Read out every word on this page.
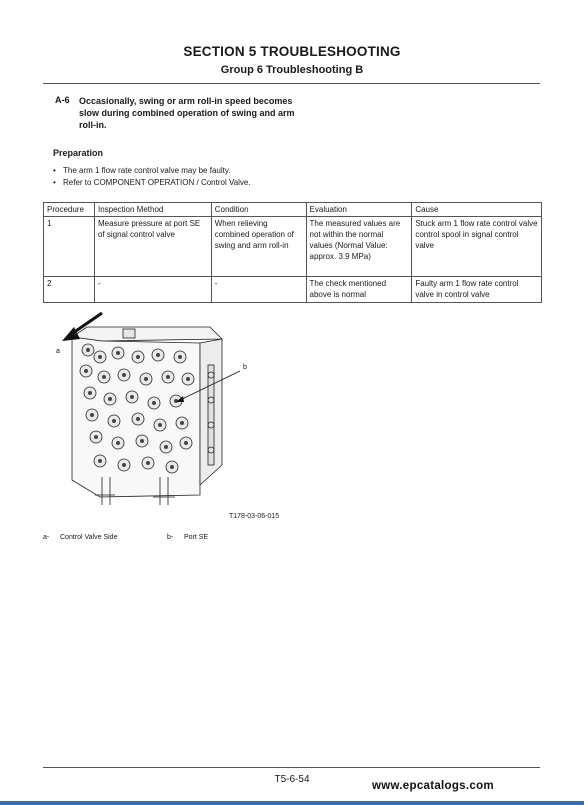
SECTION 5 TROUBLESHOOTING
Group 6 Troubleshooting B
A-6 Occasionally, swing or arm roll-in speed becomes slow during combined operation of swing and arm roll-in.
Preparation
• The arm 1 flow rate control valve may be faulty.
• Refer to COMPONENT OPERATION / Control Valve.
Procedure	Inspection Method	Condition	Evaluation	Cause
1	Measure pressure at port SE of signal control valve	When relieving combined operation of swing and arm roll-in	The measured values are not within the normal values (Normal Value: approx. 3.9 MPa)	Stuck arm 1 flow rate control valve control spool in signal control valve
2	-	-	The check mentioned above is normal	Faulty arm 1 flow rate control valve in control valve
a
b
T178-03-06-015
a- Control Valve Side	b- Port SE
T5-6-54
www.epcatalogs.com
